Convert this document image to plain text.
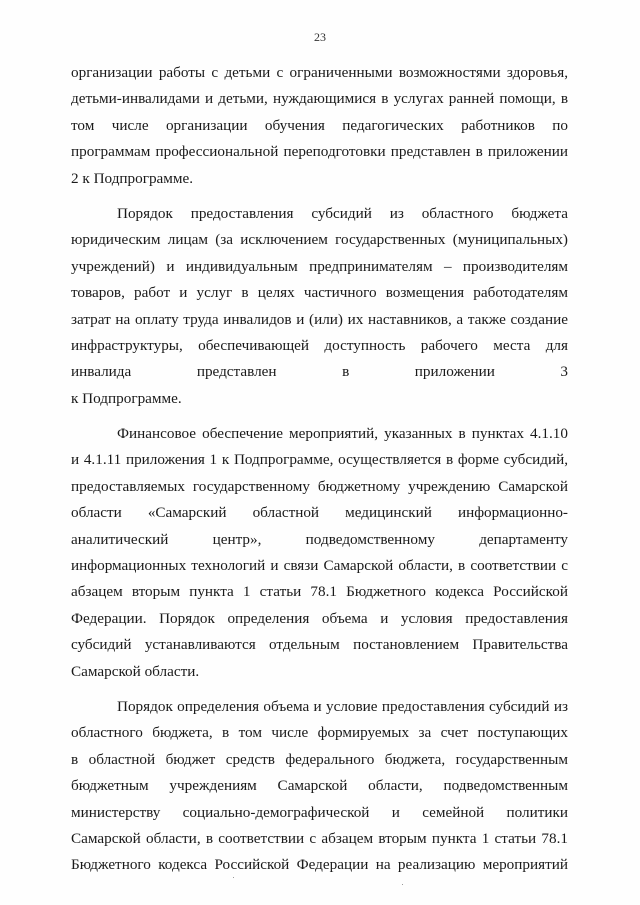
23
организации работы с детьми с ограниченными возможностями здоровья,
детьми-инвалидами и детьми, нуждающимися в услугах ранней помощи, в
том числе организации обучения педагогических работников по
программам профессиональной переподготовки представлен в приложении
2 к Подпрограмме.
Порядок предоставления субсидий из областного бюджета
юридическим лицам (за исключением государственных (муниципальных)
учреждений) и индивидуальным предпринимателям – производителям
товаров, работ и услуг в целях частичного возмещения работодателям
затрат на оплату труда инвалидов и (или) их наставников, а также создание
инфраструктуры, обеспечивающей доступность рабочего места для
инвалида представлен в приложении 3
к Подпрограмме.
Финансовое обеспечение мероприятий, указанных в пунктах 4.1.10
и 4.1.11 приложения 1 к Подпрограмме, осуществляется в форме субсидий,
предоставляемых государственному бюджетному учреждению Самарской
области «Самарский областной медицинский информационно-
аналитический центр», подведомственному департаменту
информационных технологий и связи Самарской области, в соответствии с
абзацем вторым пункта 1 статьи 78.1 Бюджетного кодекса Российской
Федерации. Порядок определения объема и условия предоставления
субсидий устанавливаются отдельным постановлением Правительства
Самарской области.
Порядок определения объема и условие предоставления субсидий из
областного бюджета, в том числе формируемых за счет поступающих
в областной бюджет средств федерального бюджета, государственным
бюджетным учреждениям Самарской области, подведомственным
министерству социально-демографической и семейной политики
Самарской области, в соответствии с абзацем вторым пункта 1 статьи 78.1
Бюджетного кодекса Российской Федерации на реализацию мероприятий
